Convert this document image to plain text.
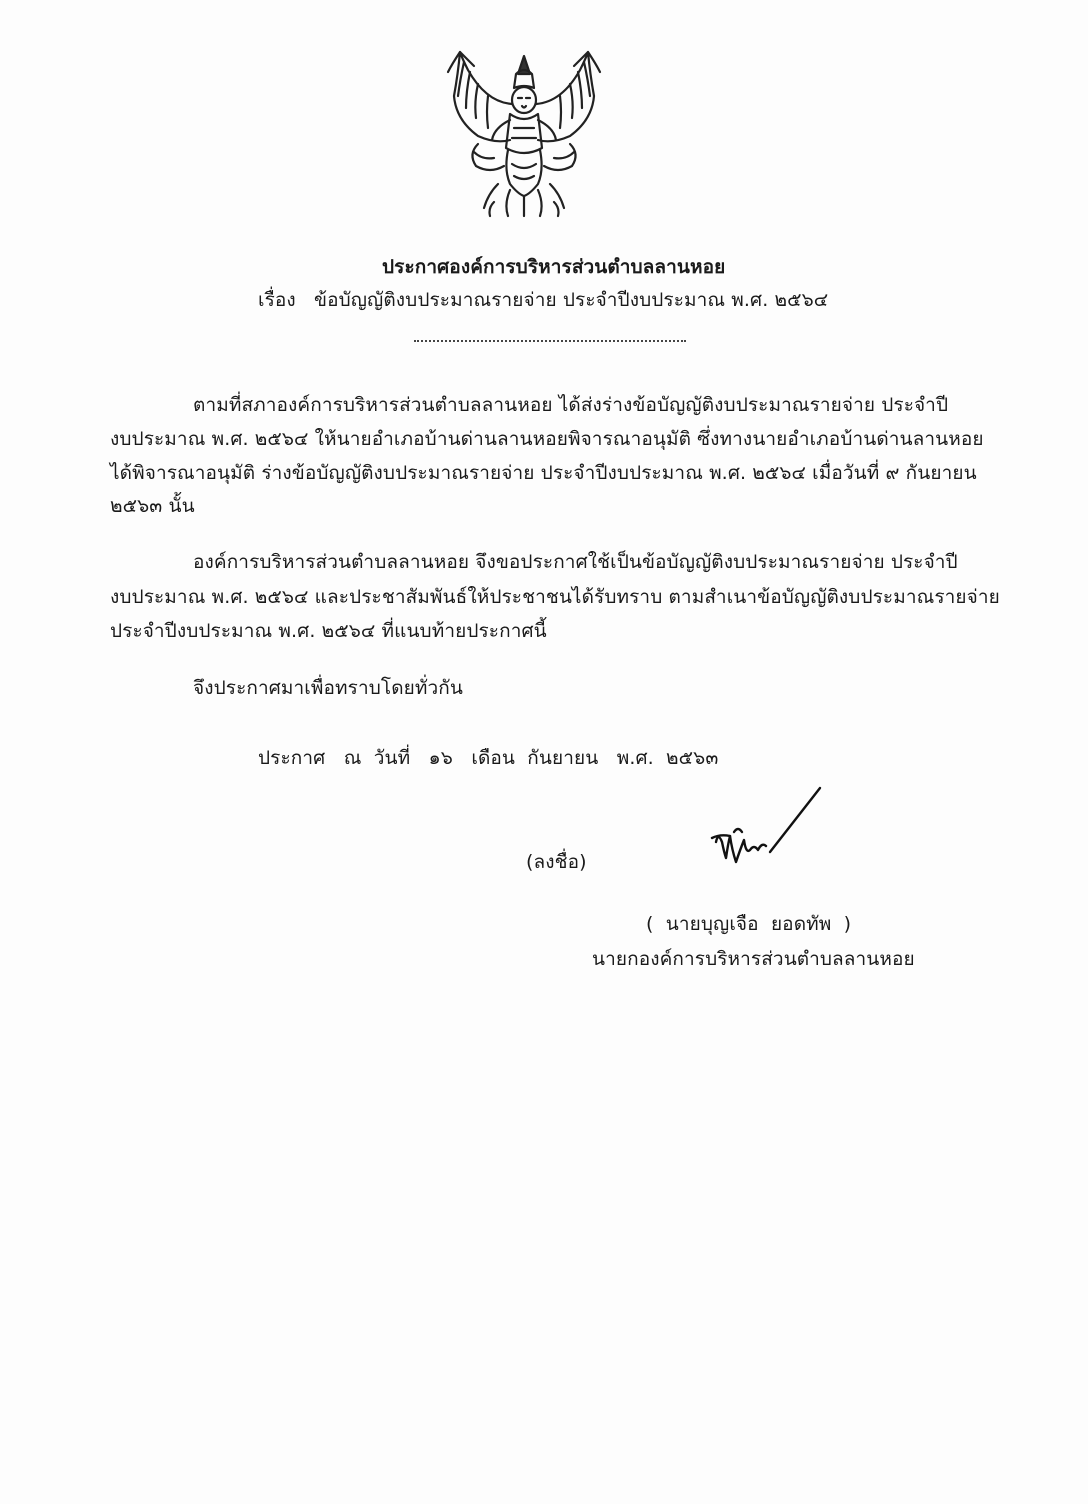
ประกาศองค์การบริหารส่วนตำบลลานหอย
เรื่อง ข้อบัญญัติงบประมาณรายจ่าย ประจำปีงบประมาณ พ.ศ. ๒๕๖๔
ตามที่สภาองค์การบริหารส่วนตำบลลานหอย ได้ส่งร่างข้อบัญญัติงบประมาณรายจ่าย ประจำปี
งบประมาณ พ.ศ. ๒๕๖๔ ให้นายอำเภอบ้านด่านลานหอยพิจารณาอนุมัติ ซึ่งทางนายอำเภอบ้านด่านลานหอย
ได้พิจารณาอนุมัติ ร่างข้อบัญญัติงบประมาณรายจ่าย ประจำปีงบประมาณ พ.ศ. ๒๕๖๔ เมื่อวันที่ ๙ กันยายน
๒๕๖๓ นั้น
องค์การบริหารส่วนตำบลลานหอย จึงขอประกาศใช้เป็นข้อบัญญัติงบประมาณรายจ่าย ประจำปี
งบประมาณ พ.ศ. ๒๕๖๔ และประชาสัมพันธ์ให้ประชาชนได้รับทราบ ตามสำเนาข้อบัญญัติงบประมาณรายจ่าย
ประจำปีงบประมาณ พ.ศ. ๒๕๖๔ ที่แนบท้ายประกาศนี้
จึงประกาศมาเพื่อทราบโดยทั่วกัน
ประกาศ   ณ  วันที่   ๑๖   เดือน  กันยายน   พ.ศ.  ๒๕๖๓
(ลงชื่อ)
(  นายบุญเจือ  ยอดทัพ  )
นายกองค์การบริหารส่วนตำบลลานหอย
